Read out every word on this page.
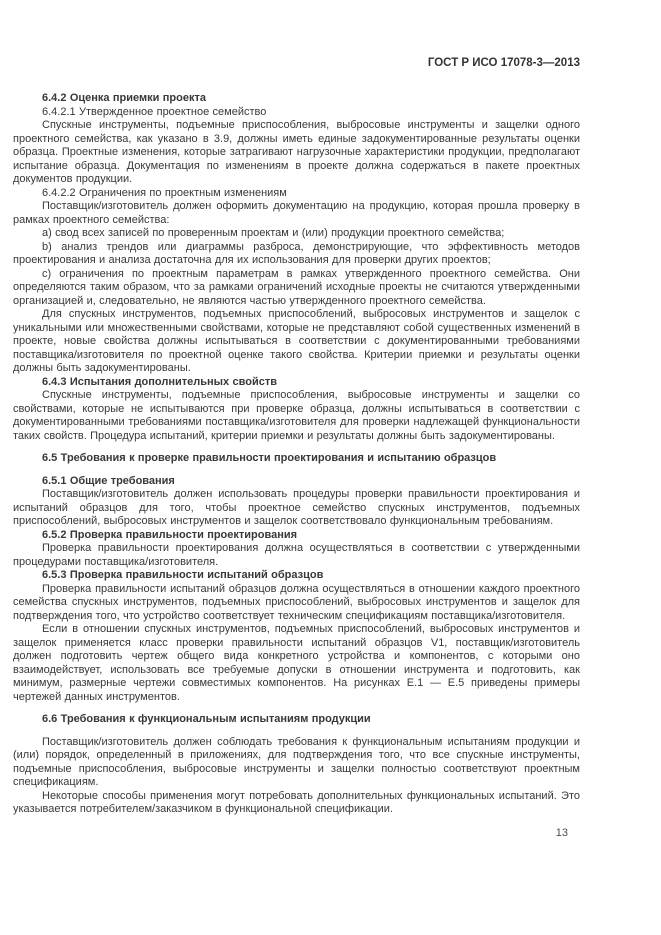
ГОСТ Р ИСО 17078-3—2013

6.4.2 Оценка приемки проекта

6.4.2.1 Утвержденное проектное семейство

Спускные инструменты, подъемные приспособления, выбросовые инструменты и защелки одного проектного семейства, как указано в 3.9, должны иметь единые задокументированные результаты оценки образца. Проектные изменения, которые затрагивают нагрузочные характеристики продукции, предполагают испытание образца. Документация по изменениям в проекте должна содержаться в пакете проектных документов продукции.

6.4.2.2 Ограничения по проектным изменениям

Поставщик/изготовитель должен оформить документацию на продукцию, которая прошла проверку в рамках проектного семейства:

a) свод всех записей по проверенным проектам и (или) продукции проектного семейства;

b) анализ трендов или диаграммы разброса, демонстрирующие, что эффективность методов проектирования и анализа достаточна для их использования для проверки других проектов;

c) ограничения по проектным параметрам в рамках утвержденного проектного семейства. Они определяются таким образом, что за рамками ограничений исходные проекты не считаются утвержденными организацией и, следовательно, не являются частью утвержденного проектного семейства.

Для спускных инструментов, подъемных приспособлений, выбросовых инструментов и защелок с уникальными или множественными свойствами, которые не представляют собой существенных изменений в проекте, новые свойства должны испытываться в соответствии с документированными требованиями поставщика/изготовителя по проектной оценке такого свойства. Критерии приемки и результаты оценки должны быть задокументированы.

6.4.3 Испытания дополнительных свойств

Спускные инструменты, подъемные приспособления, выбросовые инструменты и защелки со свойствами, которые не испытываются при проверке образца, должны испытываться в соответствии с документированными требованиями поставщика/изготовителя для проверки надлежащей функциональности таких свойств. Процедура испытаний, критерии приемки и результаты должны быть задокументированы.

6.5 Требования к проверке правильности проектирования и испытанию образцов

6.5.1 Общие требования

Поставщик/изготовитель должен использовать процедуры проверки правильности проектирования и испытаний образцов для того, чтобы проектное семейство спускных инструментов, подъемных приспособлений, выбросовых инструментов и защелок соответствовало функциональным требованиям.

6.5.2 Проверка правильности проектирования

Проверка правильности проектирования должна осуществляться в соответствии с утвержденными процедурами поставщика/изготовителя.

6.5.3 Проверка правильности испытаний образцов

Проверка правильности испытаний образцов должна осуществляться в отношении каждого проектного семейства спускных инструментов, подъемных приспособлений, выбросовых инструментов и защелок для подтверждения того, что устройство соответствует техническим спецификациям поставщика/изготовителя.

Если в отношении спускных инструментов, подъемных приспособлений, выбросовых инструментов и защелок применяется класс проверки правильности испытаний образцов V1, поставщик/изготовитель должен подготовить чертеж общего вида конкретного устройства и компонентов, с которыми оно взаимодействует, использовать все требуемые допуски в отношении инструмента и подготовить, как минимум, размерные чертежи совместимых компонентов. На рисунках Е.1 — Е.5 приведены примеры чертежей данных инструментов.

6.6 Требования к функциональным испытаниям продукции

Поставщик/изготовитель должен соблюдать требования к функциональным испытаниям продукции и (или) порядок, определенный в приложениях, для подтверждения того, что все спускные инструменты, подъемные приспособления, выбросовые инструменты и защелки полностью соответствуют проектным спецификациям.

Некоторые способы применения могут потребовать дополнительных функциональных испытаний. Это указывается потребителем/заказчиком в функциональной спецификации.

13
